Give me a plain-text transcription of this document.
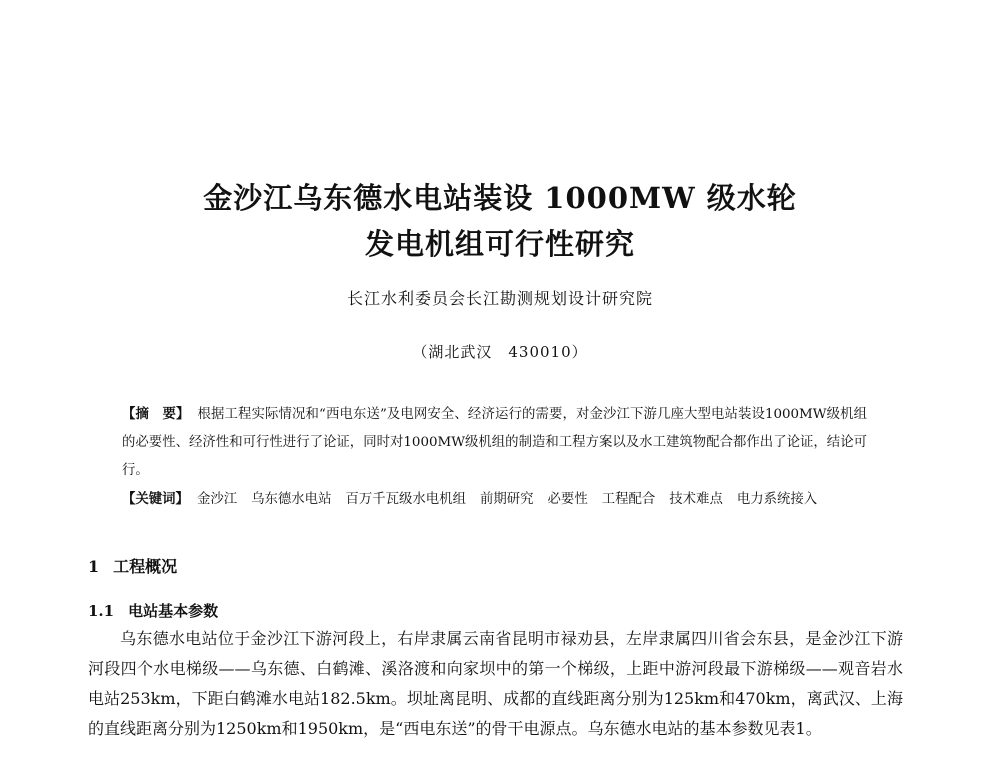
金沙江乌东德水电站装设 1000MW 级水轮
发电机组可行性研究
长江水利委员会长江勘测规划设计研究院
（湖北武汉　430010）

【摘　要】 根据工程实际情况和“西电东送”及电网安全、经济运行的需要，对金沙江下游几座大型电站装设1000MW级机组的必要性、经济性和可行性进行了论证，同时对1000MW级机组的制造和工程方案以及水工建筑物配合都作出了论证，结论可行。

【关键词】 金沙江 乌东德水电站 百万千瓦级水电机组 前期研究 必要性 工程配合 技术难点 电力系统接入

1 工程概况
1.1 电站基本参数

乌东德水电站位于金沙江下游河段上，右岸隶属云南省昆明市禄劝县，左岸隶属四川省会东县，是金沙江下游河段四个水电梯级——乌东德、白鹤滩、溪洛渡和向家坝中的第一个梯级，上距中游河段最下游梯级——观音岩水电站253km，下距白鹤滩水电站182.5km。坝址离昆明、成都的直线距离分别为125km和470km，离武汉、上海的直线距离分别为1250km和1950km，是“西电东送”的骨干电源点。乌东德水电站的基本参数见表1。
